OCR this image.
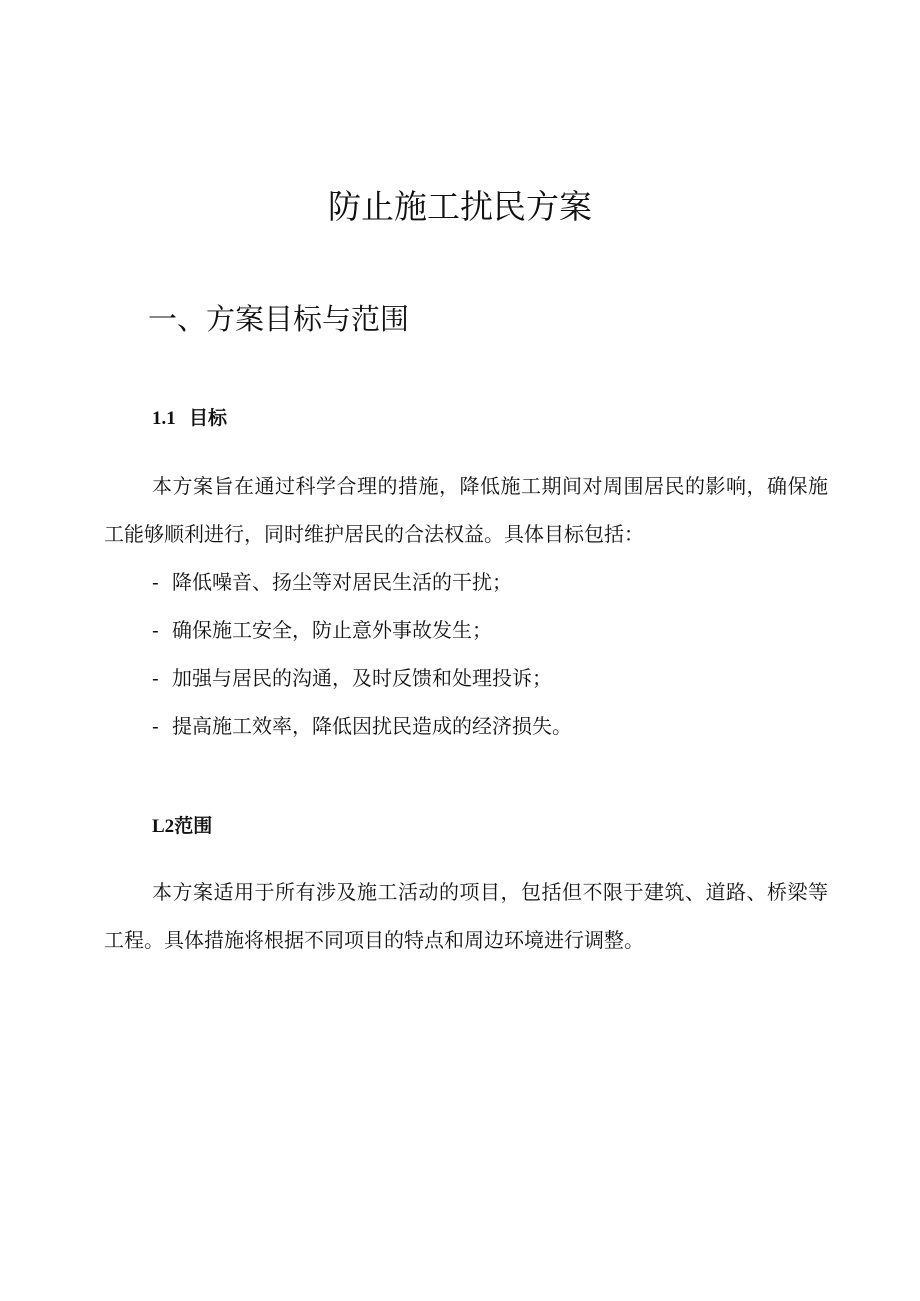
防止施工扰民方案
一、方案目标与范围
1.1 目标

本方案旨在通过科学合理的措施，降低施工期间对周围居民的影响，确保施工能够顺利进行，同时维护居民的合法权益。具体目标包括：

- 降低噪音、扬尘等对居民生活的干扰；
- 确保施工安全，防止意外事故发生；
- 加强与居民的沟通，及时反馈和处理投诉；
- 提高施工效率，降低因扰民造成的经济损失。
L2范围

本方案适用于所有涉及施工活动的项目，包括但不限于建筑、道路、桥梁等工程。具体措施将根据不同项目的特点和周边环境进行调整。
